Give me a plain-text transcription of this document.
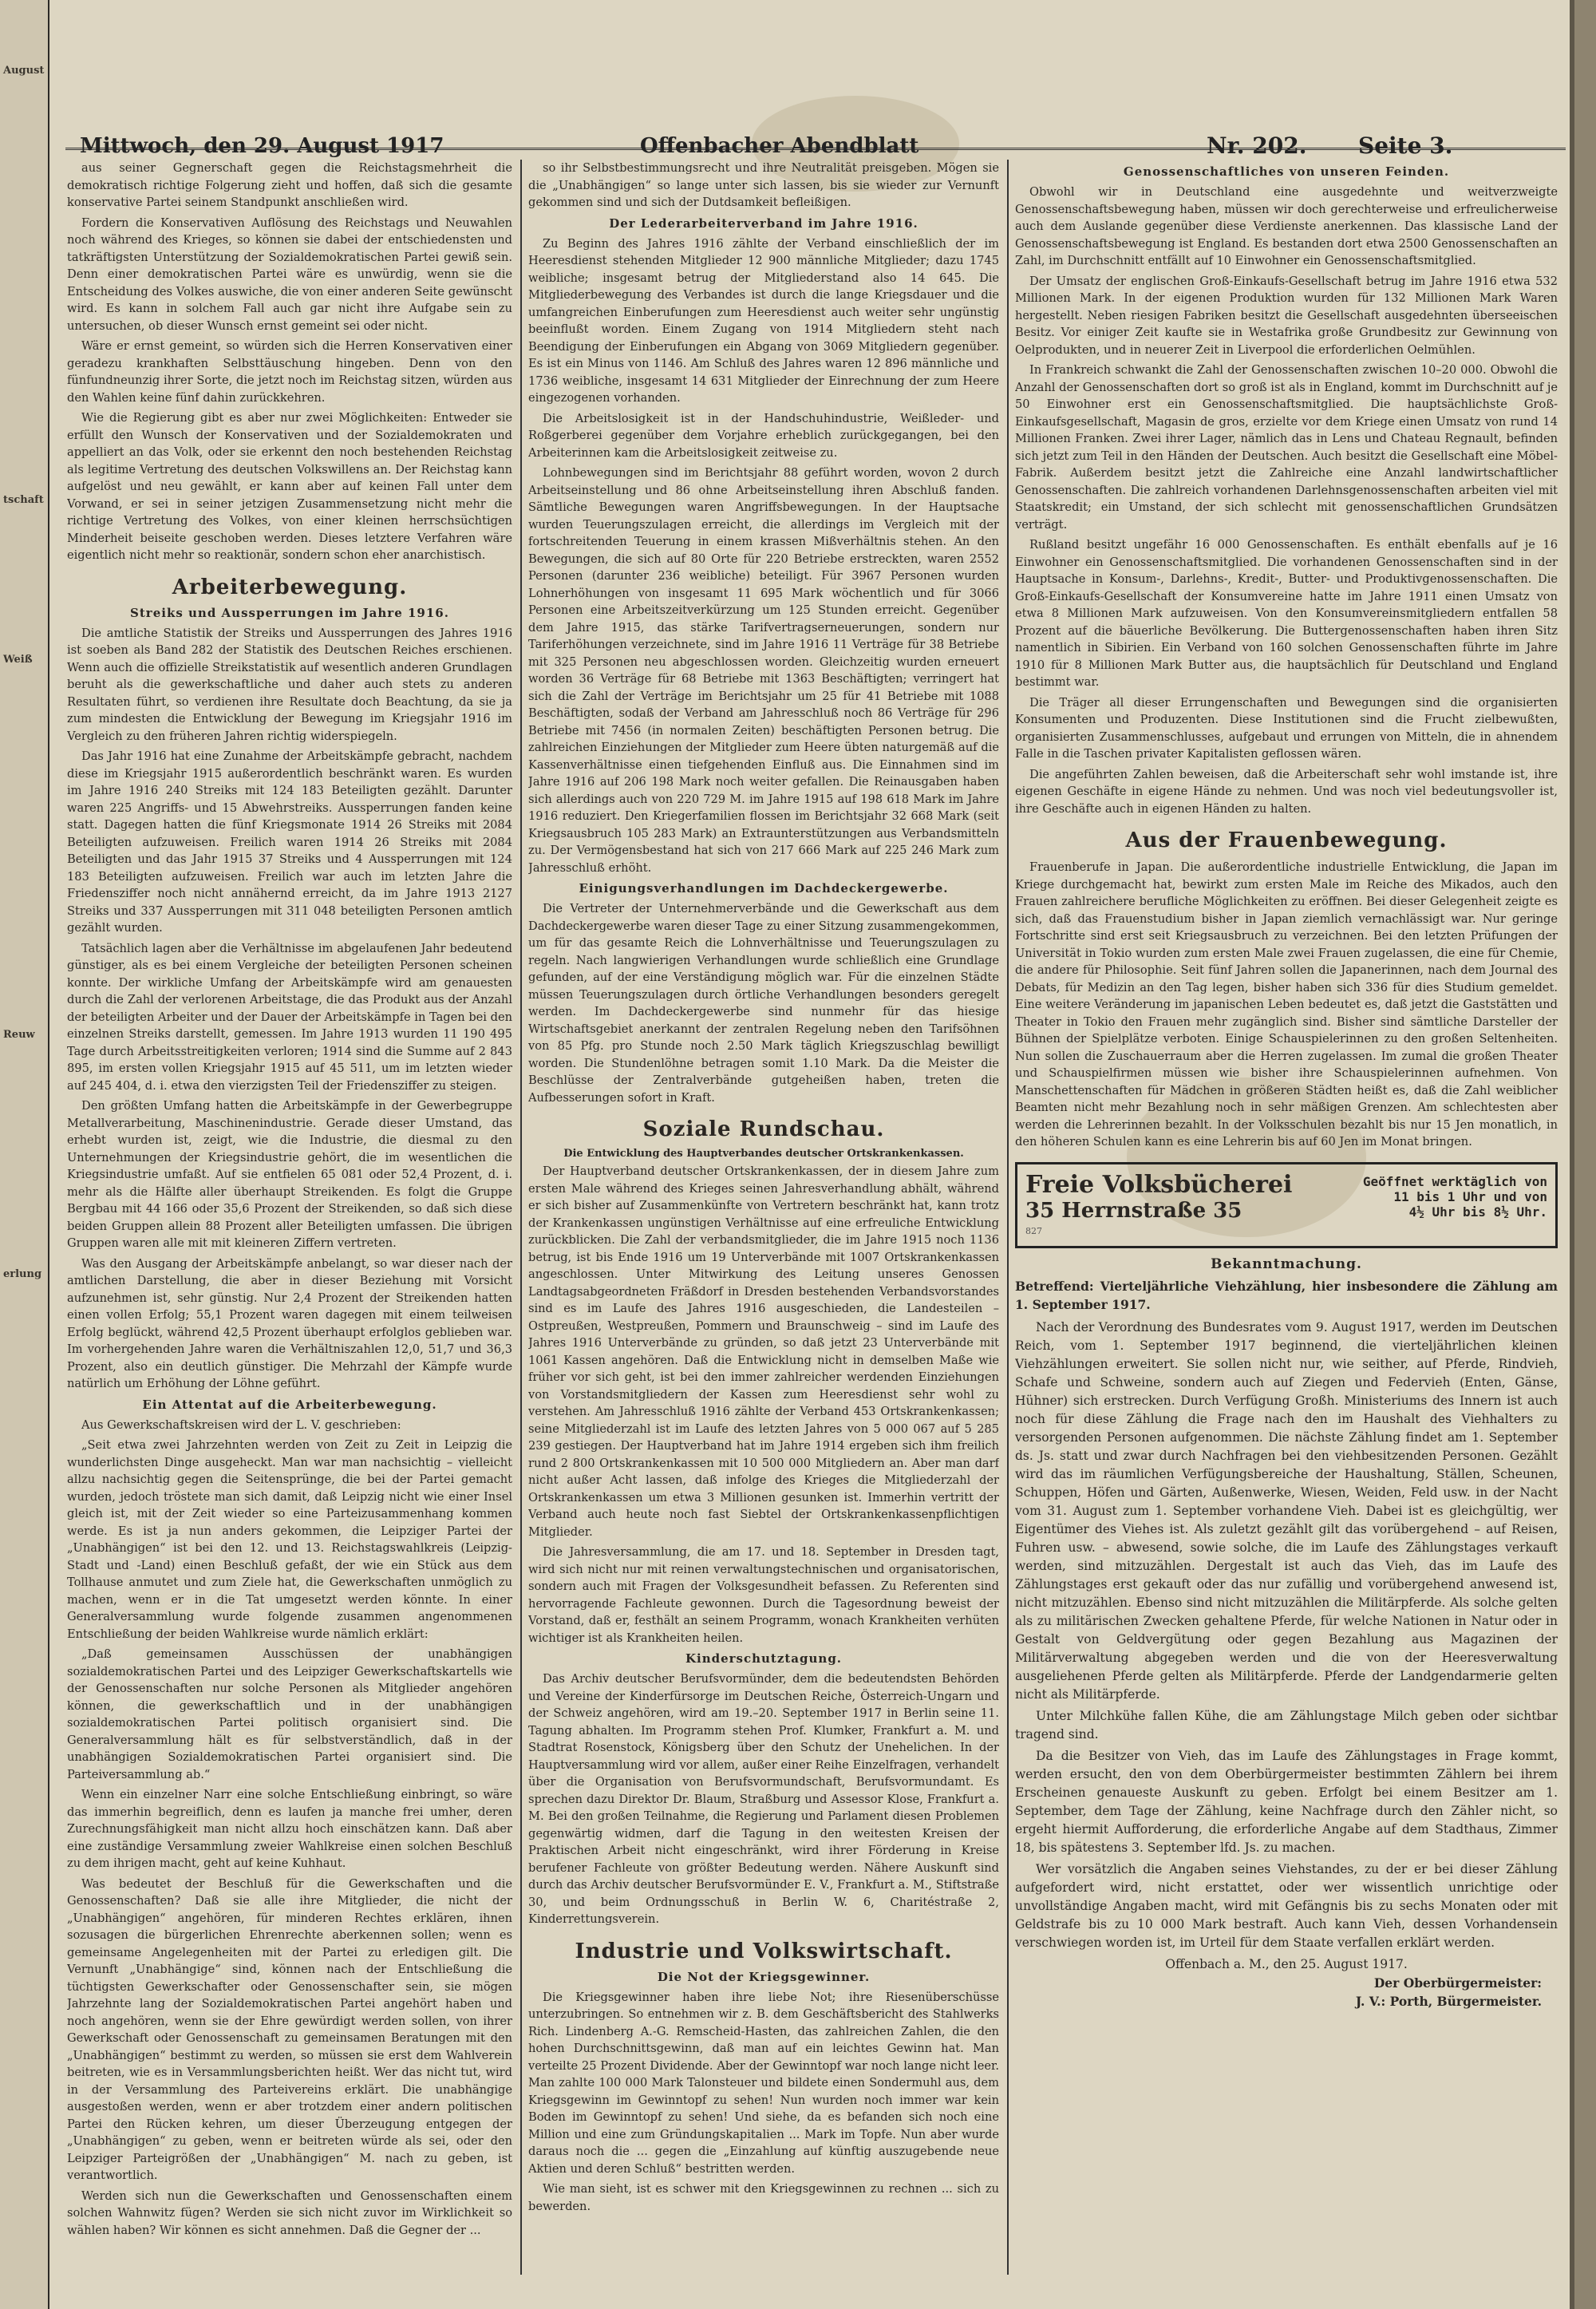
August
tschaft
Weiß
Reuw
erlung
Mittwoch, den 29. August 1917	Offenbacher Abendblatt	Nr. 202. Seite 3.

aus seiner Gegnerschaft gegen die Reichstagsmehrheit die demokratisch richtige Folgerung zieht und hoffen, daß sich die gesamte konservative Partei seinem Standpunkt anschließen wird.

Fordern die Konservativen Auflösung des Reichstags und Neuwahlen noch während des Krieges, so können sie dabei der entschiedensten und tatkräftigsten Unterstützung der Sozialdemokratischen Partei gewiß sein. Denn einer demokratischen Partei wäre es unwürdig, wenn sie die Entscheidung des Volkes auswiche, die von einer anderen Seite gewünscht wird. Es kann in solchem Fall auch gar nicht ihre Aufgabe sein zu untersuchen, ob dieser Wunsch ernst gemeint sei oder nicht.

Wäre er ernst gemeint, so würden sich die Herren Konservativen einer geradezu krankhaften Selbsttäuschung hingeben. Denn von den fünfundneunzig ihrer Sorte, die jetzt noch im Reichstag sitzen, würden aus den Wahlen keine fünf dahin zurückkehren.

Wie die Regierung gibt es aber nur zwei Möglichkeiten: Entweder sie erfüllt den Wunsch der Konservativen und der Sozialdemokraten und appelliert an das Volk, oder sie erkennt den noch bestehenden Reichstag als legitime Vertretung des deutschen Volkswillens an. Der Reichstag kann aufgelöst und neu gewählt, er kann aber auf keinen Fall unter dem Vorwand, er sei in seiner jetzigen Zusammensetzung nicht mehr die richtige Vertretung des Volkes, von einer kleinen herrschsüchtigen Minderheit beiseite geschoben werden. Dieses letztere Verfahren wäre eigentlich nicht mehr so reaktionär, sondern schon eher anarchistisch.

Arbeiterbewegung.
Streiks und Aussperrungen im Jahre 1916.

Die amtliche Statistik der Streiks und Aussperrungen des Jahres 1916 ist soeben als Band 282 der Statistik des Deutschen Reiches erschienen. Wenn auch die offizielle Streikstatistik auf wesentlich anderen Grundlagen beruht als die gewerkschaftliche und daher auch stets zu anderen Resultaten führt, so verdienen ihre Resultate doch Beachtung, da sie ja zum mindesten die Entwicklung der Bewegung im Kriegsjahr 1916 im Vergleich zu den früheren Jahren richtig widerspiegeln.

Das Jahr 1916 hat eine Zunahme der Arbeitskämpfe gebracht, nachdem diese im Kriegsjahr 1915 außerordentlich beschränkt waren. Es wurden im Jahre 1916 240 Streiks mit 124 183 Beteiligten gezählt. Darunter waren 225 Angriffs- und 15 Abwehrstreiks. Aussperrungen fanden keine statt. Dagegen hatten die fünf Kriegsmonate 1914 26 Streiks mit 2084 Beteiligten aufzuweisen. Freilich waren 1914 26 Streiks mit 2084 Beteiligten und das Jahr 1915 37 Streiks und 4 Aussperrungen mit 124 183 Beteiligten aufzuweisen. Freilich war auch im letzten Jahre die Friedensziffer noch nicht annähernd erreicht, da im Jahre 1913 2127 Streiks und 337 Aussperrungen mit 311 048 beteiligten Personen amtlich gezählt wurden.

Tatsächlich lagen aber die Verhältnisse im abgelaufenen Jahr bedeutend günstiger, als es bei einem Vergleiche der beteiligten Personen scheinen konnte. Der wirkliche Umfang der Arbeitskämpfe wird am genauesten durch die Zahl der verlorenen Arbeitstage, die das Produkt aus der Anzahl der beteiligten Arbeiter und der Dauer der Arbeitskämpfe in Tagen bei den einzelnen Streiks darstellt, gemessen. Im Jahre 1913 wurden 11 190 495 Tage durch Arbeitsstreitigkeiten verloren; 1914 sind die Summe auf 2 843 895, im ersten vollen Kriegsjahr 1915 auf 45 511, um im letzten wieder auf 245 404, d. i. etwa den vierzigsten Teil der Friedensziffer zu steigen.

Den größten Umfang hatten die Arbeitskämpfe in der Gewerbegruppe Metallverarbeitung, Maschinenindustrie. Gerade dieser Umstand, das erhebt wurden ist, zeigt, wie die Industrie, die diesmal zu den Unternehmungen der Kriegsindustrie gehört, die im wesentlichen die Kriegsindustrie umfaßt. Auf sie entfielen 65 081 oder 52,4 Prozent, d. i. mehr als die Hälfte aller überhaupt Streikenden. Es folgt die Gruppe Bergbau mit 44 166 oder 35,6 Prozent der Streikenden, so daß sich diese beiden Gruppen allein 88 Prozent aller Beteiligten umfassen. Die übrigen Gruppen waren alle mit mit kleineren Ziffern vertreten.

Was den Ausgang der Arbeitskämpfe anbelangt, so war dieser nach der amtlichen Darstellung, die aber in dieser Beziehung mit Vorsicht aufzunehmen ist, sehr günstig. Nur 2,4 Prozent der Streikenden hatten einen vollen Erfolg; 55,1 Prozent waren dagegen mit einem teilweisen Erfolg beglückt, während 42,5 Prozent überhaupt erfolglos geblieben war. Im vorhergehenden Jahre waren die Verhältniszahlen 12,0, 51,7 und 36,3 Prozent, also ein deutlich günstiger. Die Mehrzahl der Kämpfe wurde natürlich um Erhöhung der Löhne geführt.

Ein Attentat auf die Arbeiterbewegung.

Aus Gewerkschaftskreisen wird der L. V. geschrieben:

„Seit etwa zwei Jahrzehnten werden von Zeit zu Zeit in Leipzig die wunderlichsten Dinge ausgeheckt. Man war man nachsichtig – vielleicht allzu nachsichtig gegen die Seitensprünge, die bei der Partei gemacht wurden, jedoch tröstete man sich damit, daß Leipzig nicht wie einer Insel gleich ist, mit der Zeit wieder so eine Parteizusammenhang kommen werde. Es ist ja nun anders gekommen, die Leipziger Partei der „Unabhängigen“ ist bei den 12. und 13. Reichstagswahlkreis (Leipzig-Stadt und -Land) einen Beschluß gefaßt, der wie ein Stück aus dem Tollhause anmutet und zum Ziele hat, die Gewerkschaften unmöglich zu machen, wenn er in die Tat umgesetzt werden könnte. In einer Generalversammlung wurde folgende zusammen angenommenen Entschließung der beiden Wahlkreise wurde nämlich erklärt:

„Daß gemeinsamen Ausschüssen der unabhängigen sozialdemokratischen Partei und des Leipziger Gewerkschaftskartells wie der Genossenschaften nur solche Personen als Mitglieder angehören können, die gewerkschaftlich und in der unabhängigen sozialdemokratischen Partei politisch organisiert sind. Die Generalversammlung hält es für selbstverständlich, daß in der unabhängigen Sozialdemokratischen Partei organisiert sind. Die Parteiversammlung ab.“

Wenn ein einzelner Narr eine solche Entschließung einbringt, so wäre das immerhin begreiflich, denn es laufen ja manche frei umher, deren Zurechnungsfähigkeit man nicht allzu hoch einschätzen kann. Daß aber eine zuständige Versammlung zweier Wahlkreise einen solchen Beschluß zu dem ihrigen macht, geht auf keine Kuhhaut.

Was bedeutet der Beschluß für die Gewerkschaften und die Genossenschaften? Daß sie alle ihre Mitglieder, die nicht der „Unabhängigen“ angehören, für minderen Rechtes erklären, ihnen sozusagen die bürgerlichen Ehrenrechte aberkennen sollen; wenn es gemeinsame Angelegenheiten mit der Partei zu erledigen gilt. Die Vernunft „Unabhängige“ sind, können nach der Entschließung die tüchtigsten Gewerkschafter oder Genossenschafter sein, sie mögen Jahrzehnte lang der Sozialdemokratischen Partei angehört haben und noch angehören, wenn sie der Ehre gewürdigt werden sollen, von ihrer Gewerkschaft oder Genossenschaft zu gemeinsamen Beratungen mit den „Unabhängigen“ bestimmt zu werden, so müssen sie erst dem Wahlverein beitreten, wie es in Versammlungsberichten heißt. Wer das nicht tut, wird in der Versammlung des Parteivereins erklärt. Die unabhängige ausgestoßen werden, wenn er aber trotzdem einer andern politischen Partei den Rücken kehren, um dieser Überzeugung entgegen der „Unabhängigen“ zu geben, wenn er beitreten würde als sei, oder den Leipziger Parteigrößen der „Unabhängigen“ M. nach zu geben, ist verantwortlich.

Werden sich nun die Gewerkschaften und Genossenschaften einem solchen Wahnwitz fügen? Werden sie sich nicht zuvor im Wirklichkeit so wählen haben? Wir können es sicht annehmen. Daß die Gegner der ...

so ihr Selbstbestimmungsrecht und ihre Neutralität preisgeben. Mögen sie die „Unabhängigen“ so lange unter sich lassen, bis sie wieder zur Vernunft gekommen sind und sich der Dutdsamkeit befleißigen.

Der Lederarbeiterverband im Jahre 1916.

Zu Beginn des Jahres 1916 zählte der Verband einschließlich der im Heeresdienst stehenden Mitglieder 12 900 männliche Mitglieder; dazu 1745 weibliche; insgesamt betrug der Mitgliederstand also 14 645. Die Mitgliederbewegung des Verbandes ist durch die lange Kriegsdauer und die umfangreichen Einberufungen zum Heeresdienst auch weiter sehr ungünstig beeinflußt worden. Einem Zugang von 1914 Mitgliedern steht nach Beendigung der Einberufungen ein Abgang von 3069 Mitgliedern gegenüber. Es ist ein Minus von 1146. Am Schluß des Jahres waren 12 896 männliche und 1736 weibliche, insgesamt 14 631 Mitglieder der Einrechnung der zum Heere eingezogenen vorhanden.

Die Arbeitslosigkeit ist in der Handschuhindustrie, Weißleder- und Roßgerberei gegenüber dem Vorjahre erheblich zurückgegangen, bei den Arbeiterinnen kam die Arbeitslosigkeit zeitweise zu.

Lohnbewegungen sind im Berichtsjahr 88 geführt worden, wovon 2 durch Arbeitseinstellung und 86 ohne Arbeitseinstellung ihren Abschluß fanden. Sämtliche Bewegungen waren Angriffsbewegungen. In der Hauptsache wurden Teuerungszulagen erreicht, die allerdings im Vergleich mit der fortschreitenden Teuerung in einem krassen Mißverhältnis stehen. An den Bewegungen, die sich auf 80 Orte für 220 Betriebe erstreckten, waren 2552 Personen (darunter 236 weibliche) beteiligt. Für 3967 Personen wurden Lohnerhöhungen von insgesamt 11 695 Mark wöchentlich und für 3066 Personen eine Arbeitszeitverkürzung um 125 Stunden erreicht. Gegenüber dem Jahre 1915, das stärke Tarifvertragserneuerungen, sondern nur Tariferhöhungen verzeichnete, sind im Jahre 1916 11 Verträge für 38 Betriebe mit 325 Personen neu abgeschlossen worden. Gleichzeitig wurden erneuert worden 36 Verträge für 68 Betriebe mit 1363 Beschäftigten; verringert hat sich die Zahl der Verträge im Berichtsjahr um 25 für 41 Betriebe mit 1088 Beschäftigten, sodaß der Verband am Jahresschluß noch 86 Verträge für 296 Betriebe mit 7456 (in normalen Zeiten) beschäftigten Personen betrug. Die zahlreichen Einziehungen der Mitglieder zum Heere übten naturgemäß auf die Kassenverhältnisse einen tiefgehenden Einfluß aus. Die Einnahmen sind im Jahre 1916 auf 206 198 Mark noch weiter gefallen. Die Reinausgaben haben sich allerdings auch von 220 729 M. im Jahre 1915 auf 198 618 Mark im Jahre 1916 reduziert. Den Kriegerfamilien flossen im Berichtsjahr 32 668 Mark (seit Kriegsausbruch 105 283 Mark) an Extraunterstützungen aus Verbandsmitteln zu. Der Vermögensbestand hat sich von 217 666 Mark auf 225 246 Mark zum Jahresschluß erhöht.

Einigungsverhandlungen im Dachdeckergewerbe.

Die Vertreter der Unternehmerverbände und die Gewerkschaft aus dem Dachdeckergewerbe waren dieser Tage zu einer Sitzung zusammengekommen, um für das gesamte Reich die Lohnverhältnisse und Teuerungszulagen zu regeln. Nach langwierigen Verhandlungen wurde schließlich eine Grundlage gefunden, auf der eine Verständigung möglich war. Für die einzelnen Städte müssen Teuerungszulagen durch örtliche Verhandlungen besonders geregelt werden. Im Dachdeckergewerbe sind nunmehr für das hiesige Wirtschaftsgebiet anerkannt der zentralen Regelung neben den Tarifsöhnen von 85 Pfg. pro Stunde noch 2.50 Mark täglich Kriegszuschlag bewilligt worden. Die Stundenlöhne betragen somit 1.10 Mark. Da die Meister die Beschlüsse der Zentralverbände gutgeheißen haben, treten die Aufbesserungen sofort in Kraft.

Soziale Rundschau.
Die Entwicklung des Hauptverbandes deutscher Ortskrankenkassen.

Der Hauptverband deutscher Ortskrankenkassen, der in diesem Jahre zum ersten Male während des Krieges seinen Jahresverhandlung abhält, während er sich bisher auf Zusammenkünfte von Vertretern beschränkt hat, kann trotz der Krankenkassen ungünstigen Verhältnisse auf eine erfreuliche Entwicklung zurückblicken. Die Zahl der verbandsmitglieder, die im Jahre 1915 noch 1136 betrug, ist bis Ende 1916 um 19 Unterverbände mit 1007 Ortskrankenkassen angeschlossen. Unter Mitwirkung des Leitung unseres Genossen Landtagsabgeordneten Fräßdorf in Dresden bestehenden Verbandsvorstandes sind es im Laufe des Jahres 1916 ausgeschieden, die Landesteilen – Ostpreußen, Westpreußen, Pommern und Braunschweig – sind im Laufe des Jahres 1916 Unterverbände zu gründen, so daß jetzt 23 Unterverbände mit 1061 Kassen angehören. Daß die Entwicklung nicht in demselben Maße wie früher vor sich geht, ist bei den immer zahlreicher werdenden Einziehungen von Vorstandsmitgliedern der Kassen zum Heeresdienst sehr wohl zu verstehen. Am Jahresschluß 1916 zählte der Verband 453 Ortskrankenkassen; seine Mitgliederzahl ist im Laufe des letzten Jahres von 5 000 067 auf 5 285 239 gestiegen. Der Hauptverband hat im Jahre 1914 ergeben sich ihm freilich rund 2 800 Ortskrankenkassen mit 10 500 000 Mitgliedern an. Aber man darf nicht außer Acht lassen, daß infolge des Krieges die Mitgliederzahl der Ortskrankenkassen um etwa 3 Millionen gesunken ist. Immerhin vertritt der Verband auch heute noch fast Siebtel der Ortskrankenkassenpflichtigen Mitglieder.

Die Jahresversammlung, die am 17. und 18. September in Dresden tagt, wird sich nicht nur mit reinen verwaltungstechnischen und organisatorischen, sondern auch mit Fragen der Volksgesundheit befassen. Zu Referenten sind hervorragende Fachleute gewonnen. Durch die Tagesordnung beweist der Vorstand, daß er, festhält an seinem Programm, wonach Krankheiten verhüten wichtiger ist als Krankheiten heilen.

Kinderschutztagung.

Das Archiv deutscher Berufsvormünder, dem die bedeutendsten Behörden und Vereine der Kinderfürsorge im Deutschen Reiche, Österreich-Ungarn und der Schweiz angehören, wird am 19.–20. September 1917 in Berlin seine 11. Tagung abhalten. Im Programm stehen Prof. Klumker, Frankfurt a. M. und Stadtrat Rosenstock, Königsberg über den Schutz der Unehelichen. In der Hauptversammlung wird vor allem, außer einer Reihe Einzelfragen, verhandelt über die Organisation von Berufsvormundschaft, Berufsvormundamt. Es sprechen dazu Direktor Dr. Blaum, Straßburg und Assessor Klose, Frankfurt a. M. Bei den großen Teilnahme, die Regierung und Parlament diesen Problemen gegenwärtig widmen, darf die Tagung in den weitesten Kreisen der Praktischen Arbeit nicht eingeschränkt, wird ihrer Förderung in Kreise berufener Fachleute von größter Bedeutung werden. Nähere Auskunft sind durch das Archiv deutscher Berufsvormünder E. V., Frankfurt a. M., Stiftstraße 30, und beim Ordnungsschuß in Berlin W. 6, Charitéstraße 2, Kinderrettungsverein.

Industrie und Volkswirtschaft.
Die Not der Kriegsgewinner.

Die Kriegsgewinner haben ihre liebe Not; ihre Riesenüberschüsse unterzubringen. So entnehmen wir z. B. dem Geschäftsbericht des Stahlwerks Rich. Lindenberg A.-G. Remscheid-Hasten, das zahlreichen Zahlen, die den hohen Durchschnittsgewinn, daß man auf ein leichtes Gewinn hat. Man verteilte 25 Prozent Dividende. Aber der Gewinntopf war noch lange nicht leer. Man zahlte 100 000 Mark Talonsteuer und bildete einen Sondermuhl aus, dem Kriegsgewinn im Gewinntopf zu sehen! Nun wurden noch immer war kein Boden im Gewinntopf zu sehen! Und siehe, da es befanden sich noch eine Million und eine zum Gründungskapitalien ... Mark im Topfe. Nun aber wurde daraus noch die ... gegen die „Einzahlung auf künftig auszugebende neue Aktien und deren Schluß“ bestritten werden.

Wie man sieht, ist es schwer mit den Kriegsgewinnen zu rechnen ... sich zu bewerden.

Genossenschaftliches von unseren Feinden.

Obwohl wir in Deutschland eine ausgedehnte und weitverzweigte Genossenschaftsbewegung haben, müssen wir doch gerechterweise und erfreulicherweise auch dem Auslande gegenüber diese Verdienste anerkennen. Das klassische Land der Genossenschaftsbewegung ist England. Es bestanden dort etwa 2500 Genossenschaften an Zahl, im Durchschnitt entfällt auf 10 Einwohner ein Genossenschaftsmitglied.

Der Umsatz der englischen Groß-Einkaufs-Gesellschaft betrug im Jahre 1916 etwa 532 Millionen Mark. In der eigenen Produktion wurden für 132 Millionen Mark Waren hergestellt. Neben riesigen Fabriken besitzt die Gesellschaft ausgedehnten überseeischen Besitz. Vor einiger Zeit kaufte sie in Westafrika große Grundbesitz zur Gewinnung von Oelprodukten, und in neuerer Zeit in Liverpool die erforderlichen Oelmühlen.

In Frankreich schwankt die Zahl der Genossenschaften zwischen 10–20 000. Obwohl die Anzahl der Genossenschaften dort so groß ist als in England, kommt im Durchschnitt auf je 50 Einwohner erst ein Genossenschaftsmitglied. Die hauptsächlichste Groß-Einkaufsgesellschaft, Magasin de gros, erzielte vor dem Kriege einen Umsatz von rund 14 Millionen Franken. Zwei ihrer Lager, nämlich das in Lens und Chateau Regnault, befinden sich jetzt zum Teil in den Händen der Deutschen. Auch besitzt die Gesellschaft eine Möbel-Fabrik. Außerdem besitzt jetzt die Zahlreiche eine Anzahl landwirtschaftlicher Genossenschaften. Die zahlreich vorhandenen Darlehnsgenossenschaften arbeiten viel mit Staatskredit; ein Umstand, der sich schlecht mit genossenschaftlichen Grundsätzen verträgt.

Rußland besitzt ungefähr 16 000 Genossenschaften. Es enthält ebenfalls auf je 16 Einwohner ein Genossenschaftsmitglied. Die vorhandenen Genossenschaften sind in der Hauptsache in Konsum-, Darlehns-, Kredit-, Butter- und Produktivgenossenschaften. Die Groß-Einkaufs-Gesellschaft der Konsumvereine hatte im Jahre 1911 einen Umsatz von etwa 8 Millionen Mark aufzuweisen. Von den Konsumvereinsmitgliedern entfallen 58 Prozent auf die bäuerliche Bevölkerung. Die Buttergenossenschaften haben ihren Sitz namentlich in Sibirien. Ein Verband von 160 solchen Genossenschaften führte im Jahre 1910 für 8 Millionen Mark Butter aus, die hauptsächlich für Deutschland und England bestimmt war.

Die Träger all dieser Errungenschaften und Bewegungen sind die organisierten Konsumenten und Produzenten. Diese Institutionen sind die Frucht zielbewußten, organisierten Zusammenschlusses, aufgebaut und errungen von Mitteln, die in ahnendem Falle in die Taschen privater Kapitalisten geflossen wären.

Die angeführten Zahlen beweisen, daß die Arbeiterschaft sehr wohl imstande ist, ihre eigenen Geschäfte in eigene Hände zu nehmen. Und was noch viel bedeutungsvoller ist, ihre Geschäfte auch in eigenen Händen zu halten.

Aus der Frauenbewegung.

Frauenberufe in Japan. Die außerordentliche industrielle Entwicklung, die Japan im Kriege durchgemacht hat, bewirkt zum ersten Male im Reiche des Mikados, auch den Frauen zahlreichere berufliche Möglichkeiten zu eröffnen. Bei dieser Gelegenheit zeigte es sich, daß das Frauenstudium bisher in Japan ziemlich vernachlässigt war. Nur geringe Fortschritte sind erst seit Kriegsausbruch zu verzeichnen. Bei den letzten Prüfungen der Universität in Tokio wurden zum ersten Male zwei Frauen zugelassen, die eine für Chemie, die andere für Philosophie. Seit fünf Jahren sollen die Japanerinnen, nach dem Journal des Debats, für Medizin an den Tag legen, bisher haben sich 336 für dies Studium gemeldet. Eine weitere Veränderung im japanischen Leben bedeutet es, daß jetzt die Gaststätten und Theater in Tokio den Frauen mehr zugänglich sind. Bisher sind sämtliche Darsteller der Bühnen der Spielplätze verboten. Einige Schauspielerinnen zu den großen Seltenheiten. Nun sollen die Zuschauerraum aber die Herren zugelassen. Im zumal die großen Theater und Schauspielfirmen müssen wie bisher ihre Schauspielerinnen aufnehmen. Von Manschettenschaften für Mädchen in größeren Städten heißt es, daß die Zahl weiblicher Beamten nicht mehr Bezahlung noch in sehr mäßigen Grenzen. Am schlechtesten aber werden die Lehrerinnen bezahlt. In der Volksschulen bezahlt bis nur 15 Jen monatlich, in den höheren Schulen kann es eine Lehrerin bis auf 60 Jen im Monat bringen.

Freie Volksbücherei
35 Herrnstraße 35
Geöffnet werktäglich von
11 bis 1 Uhr und von
4½ Uhr bis 8½ Uhr.
827
Bekanntmachung.
Betreffend: Vierteljährliche Viehzählung, hier insbesondere die Zählung am 1. September 1917.

Nach der Verordnung des Bundesrates vom 9. August 1917, werden im Deutschen Reich, vom 1. September 1917 beginnend, die vierteljährlichen kleinen Viehzählungen erweitert. Sie sollen nicht nur, wie seither, auf Pferde, Rindvieh, Schafe und Schweine, sondern auch auf Ziegen und Federvieh (Enten, Gänse, Hühner) sich erstrecken. Durch Verfügung Großh. Ministeriums des Innern ist auch noch für diese Zählung die Frage nach den im Haushalt des Viehhalters zu versorgenden Personen aufgenommen. Die nächste Zählung findet am 1. September ds. Js. statt und zwar durch Nachfragen bei den viehbesitzenden Personen. Gezählt wird das im räumlichen Verfügungsbereiche der Haushaltung, Ställen, Scheunen, Schuppen, Höfen und Gärten, Außenwerke, Wiesen, Weiden, Feld usw. in der Nacht vom 31. August zum 1. September vorhandene Vieh. Dabei ist es gleichgültig, wer Eigentümer des Viehes ist. Als zuletzt gezählt gilt das vorübergehend – auf Reisen, Fuhren usw. – abwesend, sowie solche, die im Laufe des Zählungstages verkauft werden, sind mitzuzählen. Dergestalt ist auch das Vieh, das im Laufe des Zählungstages erst gekauft oder das nur zufällig und vorübergehend anwesend ist, nicht mitzuzählen. Ebenso sind nicht mitzuzählen die Militärpferde. Als solche gelten als zu militärischen Zwecken gehaltene Pferde, für welche Nationen in Natur oder in Gestalt von Geldvergütung oder gegen Bezahlung aus Magazinen der Militärverwaltung abgegeben werden und die von der Heeresverwaltung ausgeliehenen Pferde gelten als Militärpferde. Pferde der Landgendarmerie gelten nicht als Militärpferde.

Unter Milchkühe fallen Kühe, die am Zählungstage Milch geben oder sichtbar tragend sind.

Da die Besitzer von Vieh, das im Laufe des Zählungstages in Frage kommt, werden ersucht, den von dem Oberbürgermeister bestimmten Zählern bei ihrem Erscheinen genaueste Auskunft zu geben. Erfolgt bei einem Besitzer am 1. September, dem Tage der Zählung, keine Nachfrage durch den Zähler nicht, so ergeht hiermit Aufforderung, die erforderliche Angabe auf dem Stadthaus, Zimmer 18, bis spätestens 3. September lfd. Js. zu machen.

Wer vorsätzlich die Angaben seines Viehstandes, zu der er bei dieser Zählung aufgefordert wird, nicht erstattet, oder wer wissentlich unrichtige oder unvollständige Angaben macht, wird mit Gefängnis bis zu sechs Monaten oder mit Geldstrafe bis zu 10 000 Mark bestraft. Auch kann Vieh, dessen Vorhandensein verschwiegen worden ist, im Urteil für dem Staate verfallen erklärt werden.

Offenbach a. M., den 25. August 1917.
Der Oberbürgermeister:
J. V.: Porth, Bürgermeister.
